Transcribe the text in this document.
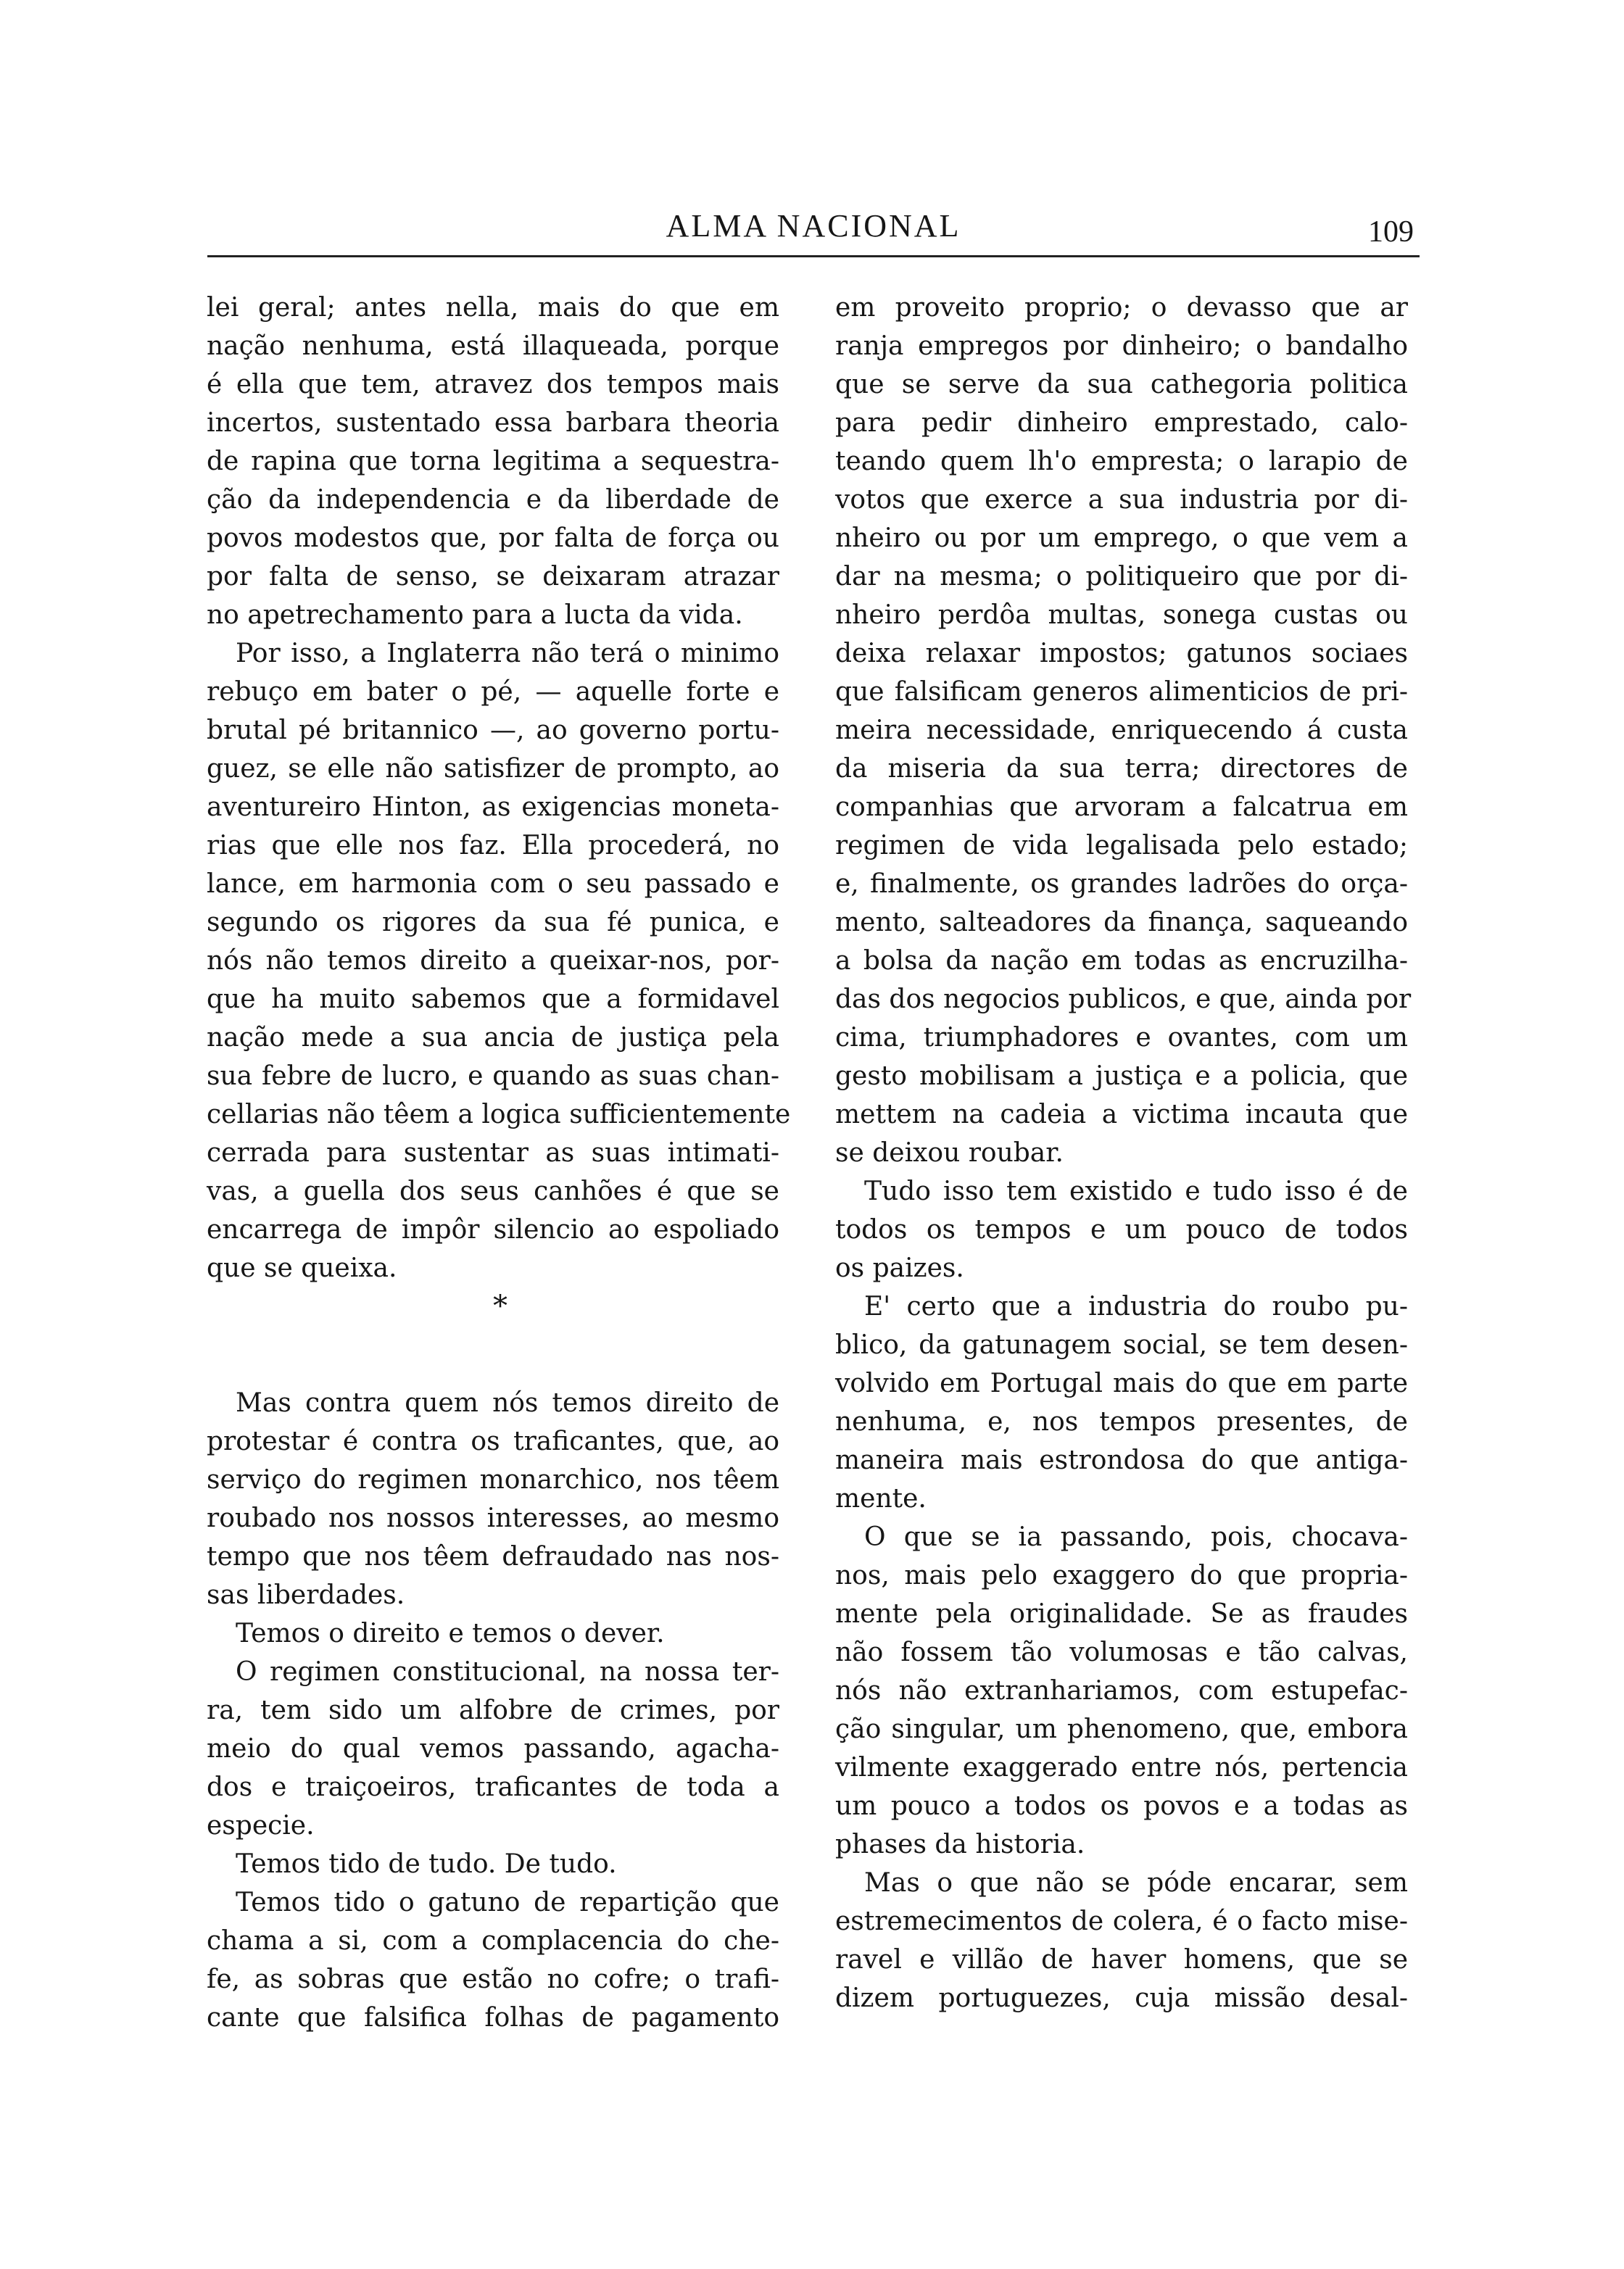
ALMA NACIONAL	109
lei geral; antes nella, mais do que em
nação nenhuma, está illaqueada, porque
é ella que tem, atravez dos tempos mais
incertos, sustentado essa barbara theoria
de rapina que torna legitima a sequestra-
ção da independencia e da liberdade de
povos modestos que, por falta de força ou
por falta de senso, se deixaram atrazar
no apetrechamento para a lucta da vida.
Por isso, a Inglaterra não terá o minimo
rebuço em bater o pé, — aquelle forte e
brutal pé britannico —, ao governo portu-
guez, se elle não satisfizer de prompto, ao
aventureiro Hinton, as exigencias moneta-
rias que elle nos faz. Ella procederá, no
lance, em harmonia com o seu passado e
segundo os rigores da sua fé punica, e
nós não temos direito a queixar-nos, por-
que ha muito sabemos que a formidavel
nação mede a sua ancia de justiça pela
sua febre de lucro, e quando as suas chan-
cellarias não têem a logica sufficientemente
cerrada para sustentar as suas intimati-
vas, a guella dos seus canhões é que se
encarrega de impôr silencio ao espoliado
que se queixa.
*
Mas contra quem nós temos direito de
protestar é contra os traficantes, que, ao
serviço do regimen monarchico, nos têem
roubado nos nossos interesses, ao mesmo
tempo que nos têem defraudado nas nos-
sas liberdades.
Temos o direito e temos o dever.
O regimen constitucional, na nossa ter-
ra, tem sido um alfobre de crimes, por
meio do qual vemos passando, agacha-
dos e traiçoeiros, traficantes de toda a
especie.
Temos tido de tudo. De tudo.
Temos tido o gatuno de repartição que
chama a si, com a complacencia do che-
fe, as sobras que estão no cofre; o trafi-
cante que falsifica folhas de pagamento
em proveito proprio; o devasso que ar
ranja empregos por dinheiro; o bandalho
que se serve da sua cathegoria politica
para pedir dinheiro emprestado, calo-
teando quem lh'o empresta; o larapio de
votos que exerce a sua industria por di-
nheiro ou por um emprego, o que vem a
dar na mesma; o politiqueiro que por di-
nheiro perdôa multas, sonega custas ou
deixa relaxar impostos; gatunos sociaes
que falsificam generos alimenticios de pri-
meira necessidade, enriquecendo á custa
da miseria da sua terra; directores de
companhias que arvoram a falcatrua em
regimen de vida legalisada pelo estado;
e, finalmente, os grandes ladrões do orça-
mento, salteadores da finança, saqueando
a bolsa da nação em todas as encruzilha-
das dos negocios publicos, e que, ainda por
cima, triumphadores e ovantes, com um
gesto mobilisam a justiça e a policia, que
mettem na cadeia a victima incauta que
se deixou roubar.
Tudo isso tem existido e tudo isso é de
todos os tempos e um pouco de todos
os paizes.
E' certo que a industria do roubo pu-
blico, da gatunagem social, se tem desen-
volvido em Portugal mais do que em parte
nenhuma, e, nos tempos presentes, de
maneira mais estrondosa do que antiga-
mente.
O que se ia passando, pois, chocava-
nos, mais pelo exaggero do que propria-
mente pela originalidade. Se as fraudes
não fossem tão volumosas e tão calvas,
nós não extranhariamos, com estupefac-
ção singular, um phenomeno, que, embora
vilmente exaggerado entre nós, pertencia
um pouco a todos os povos e a todas as
phases da historia.
Mas o que não se póde encarar, sem
estremecimentos de colera, é o facto mise-
ravel e villão de haver homens, que se
dizem portuguezes, cuja missão desal-
